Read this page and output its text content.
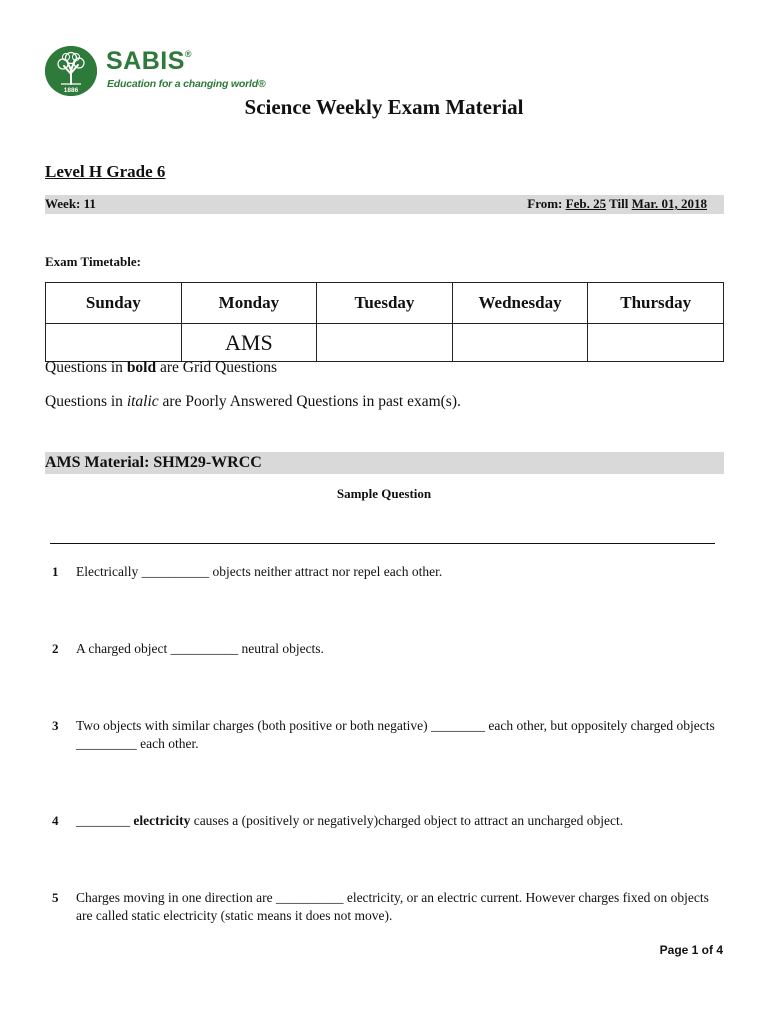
1886
SABIS®
Education for a changing world®
Science Weekly Exam Material
Level H Grade 6
Week: 11	From: Feb. 25 Till Mar. 01, 2018
Exam Timetable:
Sunday	Monday	Tuesday	Wednesday	Thursday
	AMS			
Questions in bold are Grid Questions
Questions in italic are Poorly Answered Questions in past exam(s).
AMS Material: SHM29-WRCC
Sample Question
1 Electrically __________ objects neither attract nor repel each other.
2 A charged object __________ neutral objects.
3 Two objects with similar charges (both positive or both negative) ________ each other, but oppositely charged objects _________ each other.
4 ________ electricity causes a (positively or negatively)charged object to attract an uncharged object.
5 Charges moving in one direction are __________ electricity, or an electric current. However charges fixed on objects are called static electricity (static means it does not move).
Page 1 of 4
